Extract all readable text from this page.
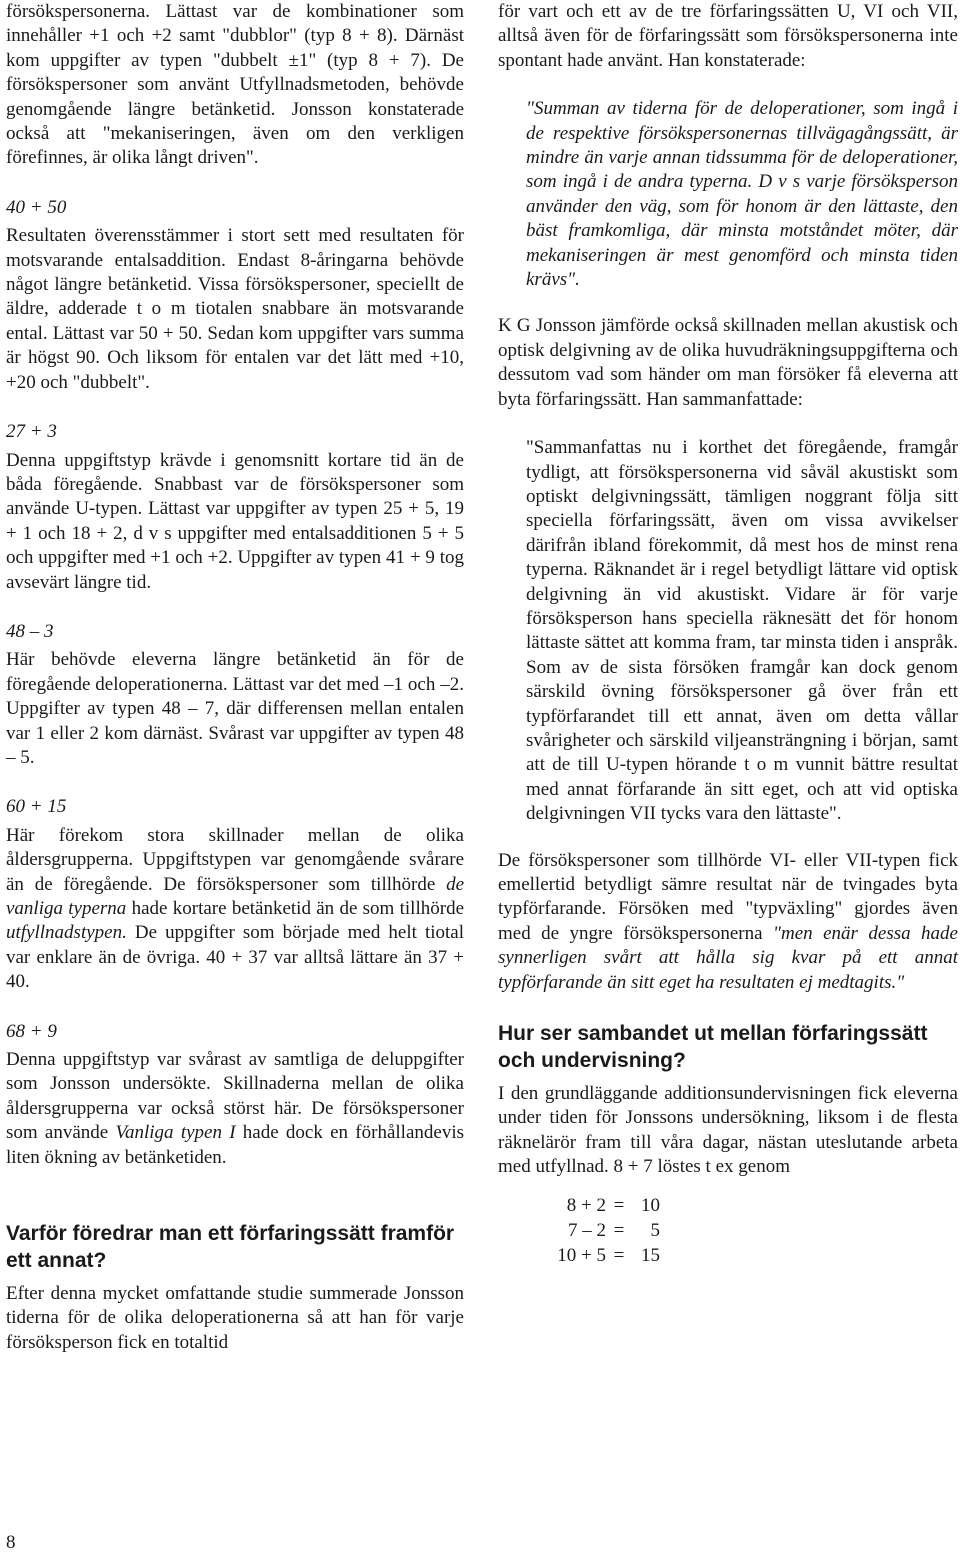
försökspersonerna. Lättast var de kombinationer som innehåller +1 och +2 samt "dubblor" (typ 8 + 8). Därnäst kom uppgifter av typen "dubbelt ±1" (typ 8 + 7). De försökspersoner som använt Utfyllnadsmetoden, behövde genomgående längre betänketid. Jonsson konstaterade också att "mekaniseringen, även om den verkligen förefinnes, är olika långt driven".

40 + 50

Resultaten överensstämmer i stort sett med resultaten för motsvarande entalsaddition. Endast 8-åringarna behövde något längre betänketid. Vissa försökspersoner, speciellt de äldre, adderade t o m tiotalen snabbare än motsvarande ental. Lättast var 50 + 50. Sedan kom uppgifter vars summa är högst 90. Och liksom för entalen var det lätt med +10, +20 och "dubbelt".

27 + 3

Denna uppgiftstyp krävde i genomsnitt kortare tid än de båda föregående. Snabbast var de försökspersoner som använde U-typen. Lättast var uppgifter av typen 25 + 5, 19 + 1 och 18 + 2, d v s uppgifter med entalsadditionen 5 + 5 och uppgifter med +1 och +2. Uppgifter av typen 41 + 9 tog avsevärt längre tid.

48 – 3

Här behövde eleverna längre betänketid än för de föregående deloperationerna. Lättast var det med –1 och –2. Uppgifter av typen 48 – 7, där differensen mellan entalen var 1 eller 2 kom därnäst. Svårast var uppgifter av typen 48 – 5.

60 + 15

Här förekom stora skillnader mellan de olika åldersgrupperna. Uppgiftstypen var genomgående svårare än de föregående. De försökspersoner som tillhörde de vanliga typerna hade kortare betänketid än de som tillhörde utfyllnadstypen. De uppgifter som började med helt tiotal var enklare än de övriga. 40 + 37 var alltså lättare än 37 + 40.

68 + 9

Denna uppgiftstyp var svårast av samtliga de deluppgifter som Jonsson undersökte. Skillnaderna mellan de olika åldersgrupperna var också störst här. De försökspersoner som använde Vanliga typen I hade dock en förhållandevis liten ökning av betänketiden.

Varför föredrar man ett förfaringssätt framför ett annat?

Efter denna mycket omfattande studie summerade Jonsson tiderna för de olika deloperationerna så att han för varje försöksperson fick en totaltid

för vart och ett av de tre förfaringssätten U, VI och VII, alltså även för de förfaringssätt som försökspersonerna inte spontant hade använt. Han konstaterade:

"Summan av tiderna för de deloperationer, som ingå i de respektive försökspersonernas tillvägagångssätt, är mindre än varje annan tidssumma för de deloperationer, som ingå i de andra typerna. D v s varje försöksperson använder den väg, som för honom är den lättaste, den bäst framkomliga, där minsta motståndet möter, där mekaniseringen är mest genomförd och minsta tiden krävs".

K G Jonsson jämförde också skillnaden mellan akustisk och optisk delgivning av de olika huvudräkningsuppgifterna och dessutom vad som händer om man försöker få eleverna att byta förfaringssätt. Han sammanfattade:

"Sammanfattas nu i korthet det föregående, framgår tydligt, att försökspersonerna vid såväl akustiskt som optiskt delgivningssätt, tämligen noggrant följa sitt speciella förfaringssätt, även om vissa avvikelser därifrån ibland förekommit, då mest hos de minst rena typerna. Räknandet är i regel betydligt lättare vid optisk delgivning än vid akustiskt. Vidare är för varje försöksperson hans speciella räknesätt det för honom lättaste sättet att komma fram, tar minsta tiden i anspråk. Som av de sista försöken framgår kan dock genom särskild övning försökspersoner gå över från ett typförfarandet till ett annat, även om detta vållar svårigheter och särskild viljeansträngning i början, samt att de till U-typen hörande t o m vunnit bättre resultat med annat förfarande än sitt eget, och att vid optiska delgivningen VII tycks vara den lättaste".

De försökspersoner som tillhörde VI- eller VII-typen fick emellertid betydligt sämre resultat när de tvingades byta typförfarande. Försöken med "typväxling" gjordes även med de yngre försökspersonerna "men enär dessa hade synnerligen svårt att hålla sig kvar på ett annat typförfarande än sitt eget ha resultaten ej medtagits."

Hur ser sambandet ut mellan förfaringssätt och undervisning?

I den grundläggande additionsundervisningen fick eleverna under tiden för Jonssons undersökning, liksom i de flesta räknelärör fram till våra dagar, nästan uteslutande arbeta med utfyllnad. 8 + 7 löstes t ex genom

8 + 2 = 10
7 – 2 =	5
10 + 5 = 15
8
